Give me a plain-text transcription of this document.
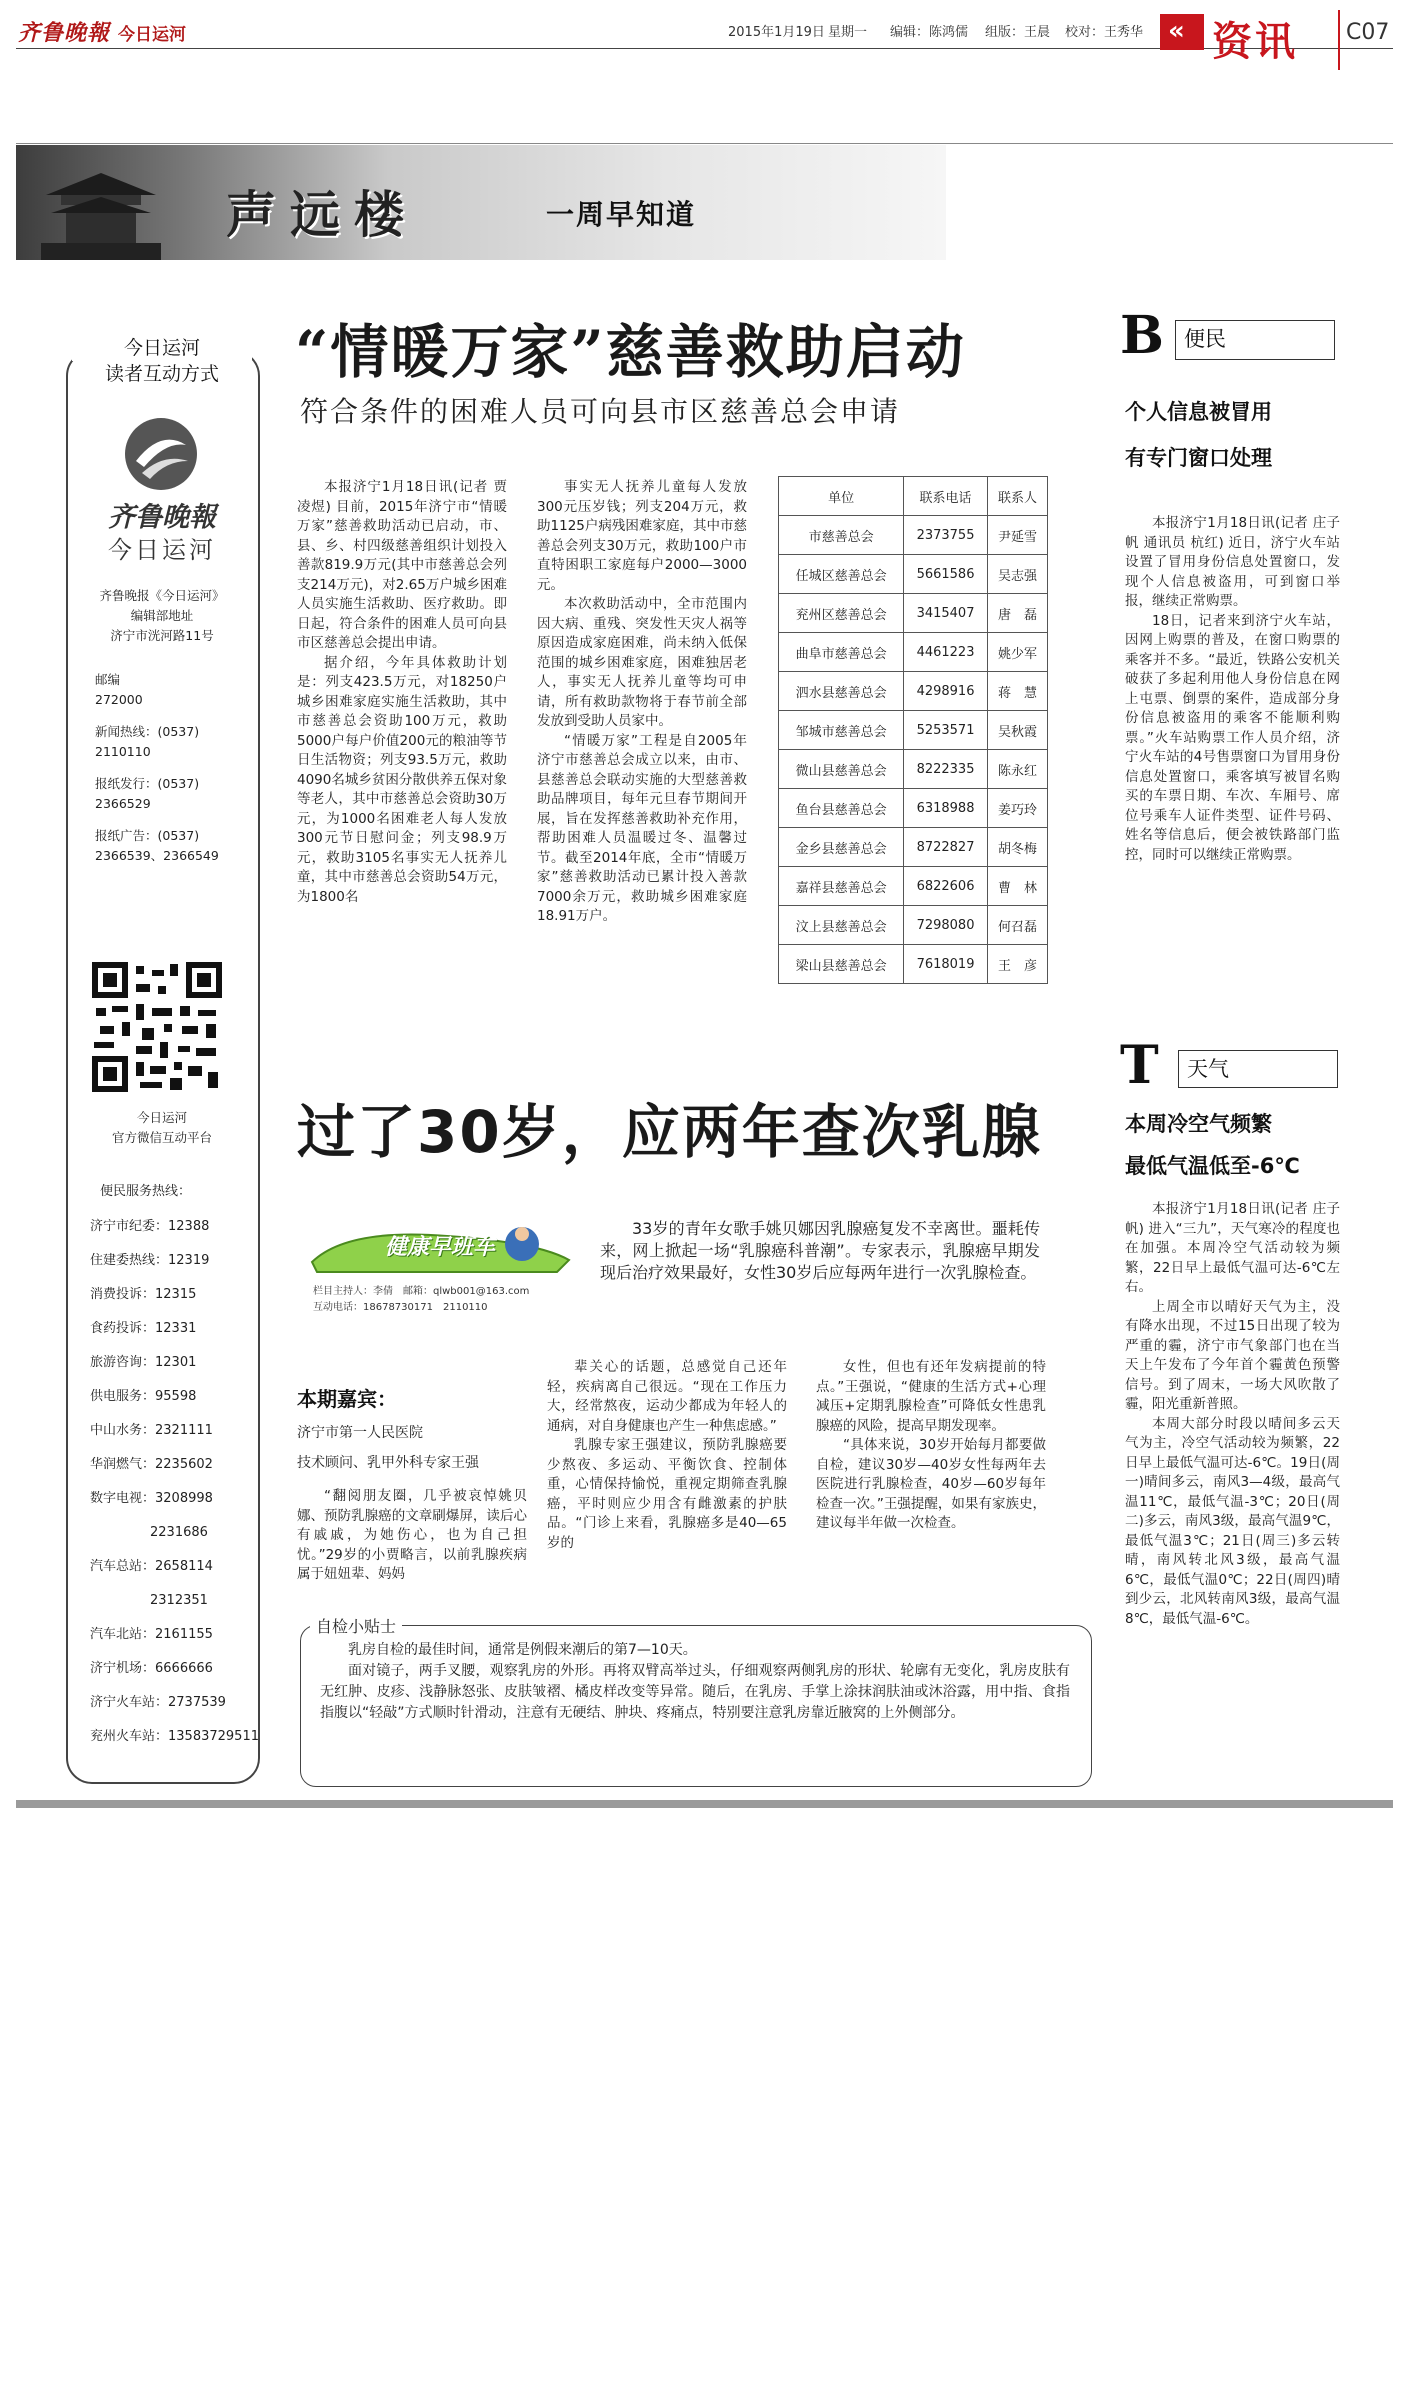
齐鲁晚報 今日运河	2015年1月19日 星期一 编辑：陈鸿儒 组版：王晨 校对：王秀华 « 资讯 C07
声远楼	一周早知道
今日运河
读者互动方式
齐鲁晚報
今日运河
齐鲁晚报《今日运河》
编辑部地址
济宁市洸河路11号
邮编
272000
新闻热线：(0537)
2110110
报纸发行：(0537)
2366529
报纸广告：(0537)
2366539、2366549
今日运河
官方微信互动平台
便民服务热线：
济宁市纪委：12388
住建委热线：12319
消费投诉：12315
食药投诉：12331
旅游咨询：12301
供电服务：95598
中山水务：2321111
华润燃气：2235602
数字电视：3208998
2231686
汽车总站：2658114
2312351
汽车北站：2161155
济宁机场：6666666
济宁火车站：2737539
兖州火车站：13583729511
“情暖万家”慈善救助启动
符合条件的困难人员可向县市区慈善总会申请

本报济宁1月18日讯(记者 贾凌煜) 目前，2015年济宁市“情暖万家”慈善救助活动已启动，市、县、乡、村四级慈善组织计划投入善款819.9万元(其中市慈善总会列支214万元)，对2.65万户城乡困难人员实施生活救助、医疗救助。即日起，符合条件的困难人员可向县市区慈善总会提出申请。

据介绍，今年具体救助计划是：列支423.5万元，对18250户城乡困难家庭实施生活救助，其中市慈善总会资助100万元，救助5000户每户价值200元的粮油等节日生活物资；列支93.5万元，救助4090名城乡贫困分散供养五保对象等老人，其中市慈善总会资助30万元，为1000名困难老人每人发放300元节日慰问金；列支98.9万元，救助3105名事实无人抚养儿童，其中市慈善总会资助54万元，为1800名

事实无人抚养儿童每人发放300元压岁钱；列支204万元，救助1125户病残困难家庭，其中市慈善总会列支30万元，救助100户市直特困职工家庭每户2000—3000元。

本次救助活动中，全市范围内因大病、重残、突发性天灾人祸等原因造成家庭困难，尚未纳入低保范围的城乡困难家庭，困难独居老人，事实无人抚养儿童等均可申请，所有救助款物将于春节前全部发放到受助人员家中。

“情暖万家”工程是自2005年济宁市慈善总会成立以来，由市、县慈善总会联动实施的大型慈善救助品牌项目，每年元旦春节期间开展，旨在发挥慈善救助补充作用，帮助困难人员温暖过冬、温馨过节。截至2014年底，全市“情暖万家”慈善救助活动已累计投入善款7000余万元，救助城乡困难家庭18.91万户。

单位	联系电话	联系人
市慈善总会	2373755	尹延雪
任城区慈善总会	5661586	吴志强
兖州区慈善总会	3415407	唐　磊
曲阜市慈善总会	4461223	姚少军
泗水县慈善总会	4298916	蒋　慧
邹城市慈善总会	5253571	吴秋霞
微山县慈善总会	8222335	陈永红
鱼台县慈善总会	6318988	姜巧玲
金乡县慈善总会	8722827	胡冬梅
嘉祥县慈善总会	6822606	曹　林
汶上县慈善总会	7298080	何召磊
梁山县慈善总会	7618019	王　彦
B 便民
个人信息被冒用
有专门窗口处理

本报济宁1月18日讯(记者 庄子帆 通讯员 杭红) 近日，济宁火车站设置了冒用身份信息处置窗口，发现个人信息被盗用，可到窗口举报，继续正常购票。

18日，记者来到济宁火车站，因网上购票的普及，在窗口购票的乘客并不多。“最近，铁路公安机关破获了多起利用他人身份信息在网上屯票、倒票的案件，造成部分身份信息被盗用的乘客不能顺利购票。”火车站购票工作人员介绍，济宁火车站的4号售票窗口为冒用身份信息处置窗口，乘客填写被冒名购买的车票日期、车次、车厢号、席位号乘车人证件类型、证件号码、姓名等信息后，便会被铁路部门监控，同时可以继续正常购票。

T	天气
本周冷空气频繁
最低气温低至-6℃

本报济宁1月18日讯(记者 庄子帆) 进入“三九”，天气寒冷的程度也在加强。本周冷空气活动较为频繁，22日早上最低气温可达-6℃左右。

上周全市以晴好天气为主，没有降水出现，不过15日出现了较为严重的霾，济宁市气象部门也在当天上午发布了今年首个霾黄色预警信号。到了周末，一场大风吹散了霾，阳光重新普照。

本周大部分时段以晴间多云天气为主，冷空气活动较为频繁，22日早上最低气温可达-6℃。19日(周一)晴间多云，南风3—4级，最高气温11℃，最低气温-3℃；20日(周二)多云，南风3级，最高气温9℃，最低气温3℃；21日(周三)多云转晴，南风转北风3级，最高气温6℃，最低气温0℃；22日(周四)晴到少云，北风转南风3级，最高气温8℃，最低气温-6℃。

过了30岁，应两年查次乳腺
33岁的青年女歌手姚贝娜因乳腺癌复发不幸离世。噩耗传来，网上掀起一场“乳腺癌科普潮”。专家表示，乳腺癌早期发现后治疗效果最好，女性30岁后应每两年进行一次乳腺检查。
健康早班车
栏目主持人：李倩　邮箱：qlwb001@163.com
互动电话：18678730171　2110110
本期嘉宾：
济宁市第一人民医院
技术顾问、乳甲外科专家王强

“翻阅朋友圈，几乎被哀悼姚贝娜、预防乳腺癌的文章刷爆屏，读后心有戚戚，为她伤心，也为自己担忧。”29岁的小贾略言，以前乳腺疾病属于妞妞辈、妈妈

辈关心的话题，总感觉自己还年轻，疾病离自己很远。“现在工作压力大，经常熬夜，运动少都成为年轻人的通病，对自身健康也产生一种焦虑感。”

乳腺专家王强建议，预防乳腺癌要少熬夜、多运动、平衡饮食、控制体重，心情保持愉悦，重视定期筛查乳腺癌，平时则应少用含有雌激素的护肤品。“门诊上来看，乳腺癌多是40—65岁的

女性，但也有还年发病提前的特点。”王强说，“健康的生活方式+心理减压+定期乳腺检查”可降低女性患乳腺癌的风险，提高早期发现率。

“具体来说，30岁开始每月都要做自检，建议30岁—40岁女性每两年去医院进行乳腺检查，40岁—60岁每年检查一次。”王强提醒，如果有家族史，建议每半年做一次检查。

自检小贴士

乳房自检的最佳时间，通常是例假来潮后的第7—10天。

面对镜子，两手叉腰，观察乳房的外形。再将双臂高举过头，仔细观察两侧乳房的形状、轮廓有无变化，乳房皮肤有无红肿、皮疹、浅静脉怒张、皮肤皱褶、橘皮样改变等异常。随后，在乳房、手掌上涂抹润肤油或沐浴露，用中指、食指指腹以“轻敲”方式顺时针滑动，注意有无硬结、肿块、疼痛点，特别要注意乳房靠近腋窝的上外侧部分。
